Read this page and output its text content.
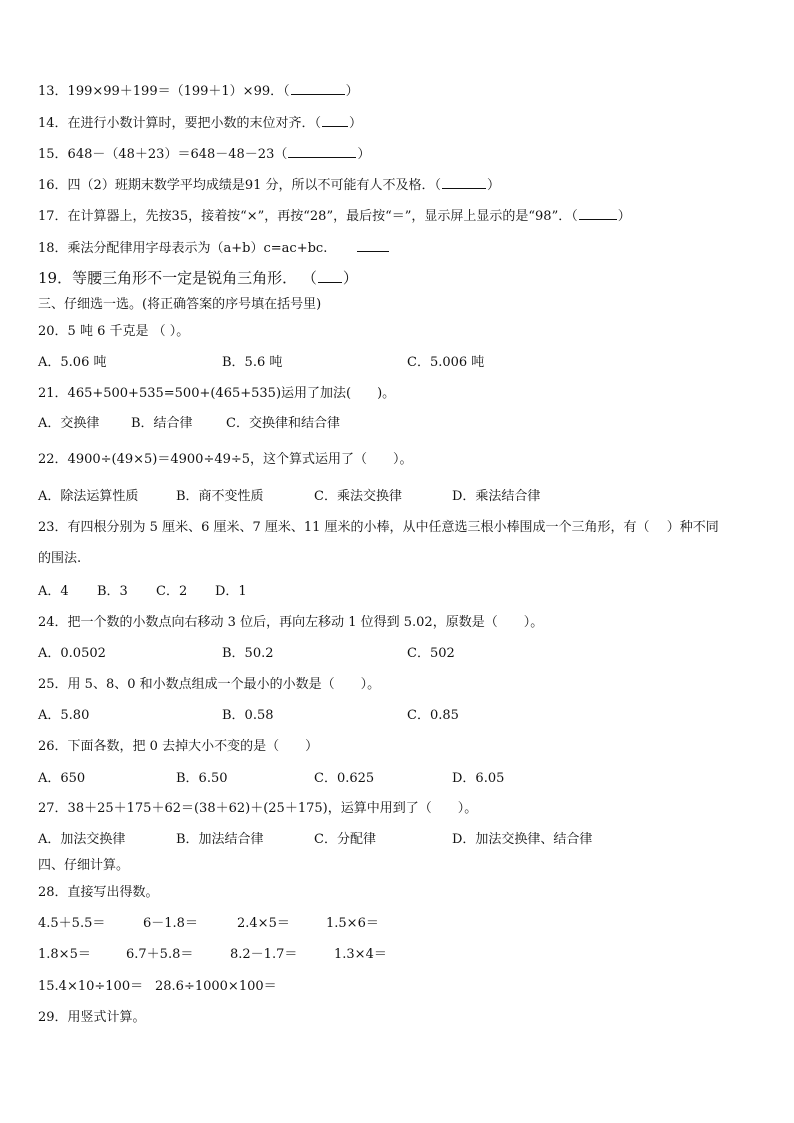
13．199×99＋199＝（199＋1）×99．（	）
14．在进行小数计算时，要把小数的末位对齐．（ ）
15．648－（48＋23）＝648－48－23（	）
16．四（2）班期末数学平均成绩是91 分，所以不可能有人不及格．（	）
17．在计算器上，先按35，接着按“×”，再按“28”，最后按“＝”，显示屏上显示的是“98”．（	）
18．乘法分配律用字母表示为（a+b）c=ac+bc.
19．等腰三角形不一定是锐角三角形． （ ）
三、仔细选一选。(将正确答案的序号填在括号里)
20．5 吨 6 千克是 （ ）。
A．5.06 吨	B．5.6 吨	C．5.006 吨
21．465+500+535=500+(465+535)运用了加法(　　)。
A．交换律 B．结合律	C．交换律和结合律
22．4900÷(49×5)＝4900÷49÷5，这个算式运用了（　　）。
A．除法运算性质	B．商不变性质	C．乘法交换律	D．乘法结合律
23．有四根分别为 5 厘米、6 厘米、7 厘米、11 厘米的小棒，从中任意选三根小棒围成一个三角形，有（　 ）种不同
的围法.
A．4 B．3 C．2 D．1
24．把一个数的小数点向右移动 3 位后，再向左移动 1 位得到 5.02，原数是（　　）。
A．0.0502	B．50.2	C．502
25．用 5、8、0 和小数点组成一个最小的小数是（　　）。
A．5.80	B．0.58	C．0.85
26．下面各数，把 0 去掉大小不变的是（　　）
A．650	B．6.50	C．0.625	D．6.05
27．38＋25＋175＋62＝(38＋62)＋(25＋175)，运算中用到了（　　）。
A．加法交换律	B．加法结合律	C．分配律	D．加法交换律、结合律
四、仔细计算。
28．直接写出得数。
4.5＋5.5＝	6－1.8＝	2.4×5＝	1.5×6＝
1.8×5＝	6.7＋5.8＝	8.2－1.7＝	1.3×4＝
15.4×10÷100＝ 28.6÷1000×100＝
29．用竖式计算。
